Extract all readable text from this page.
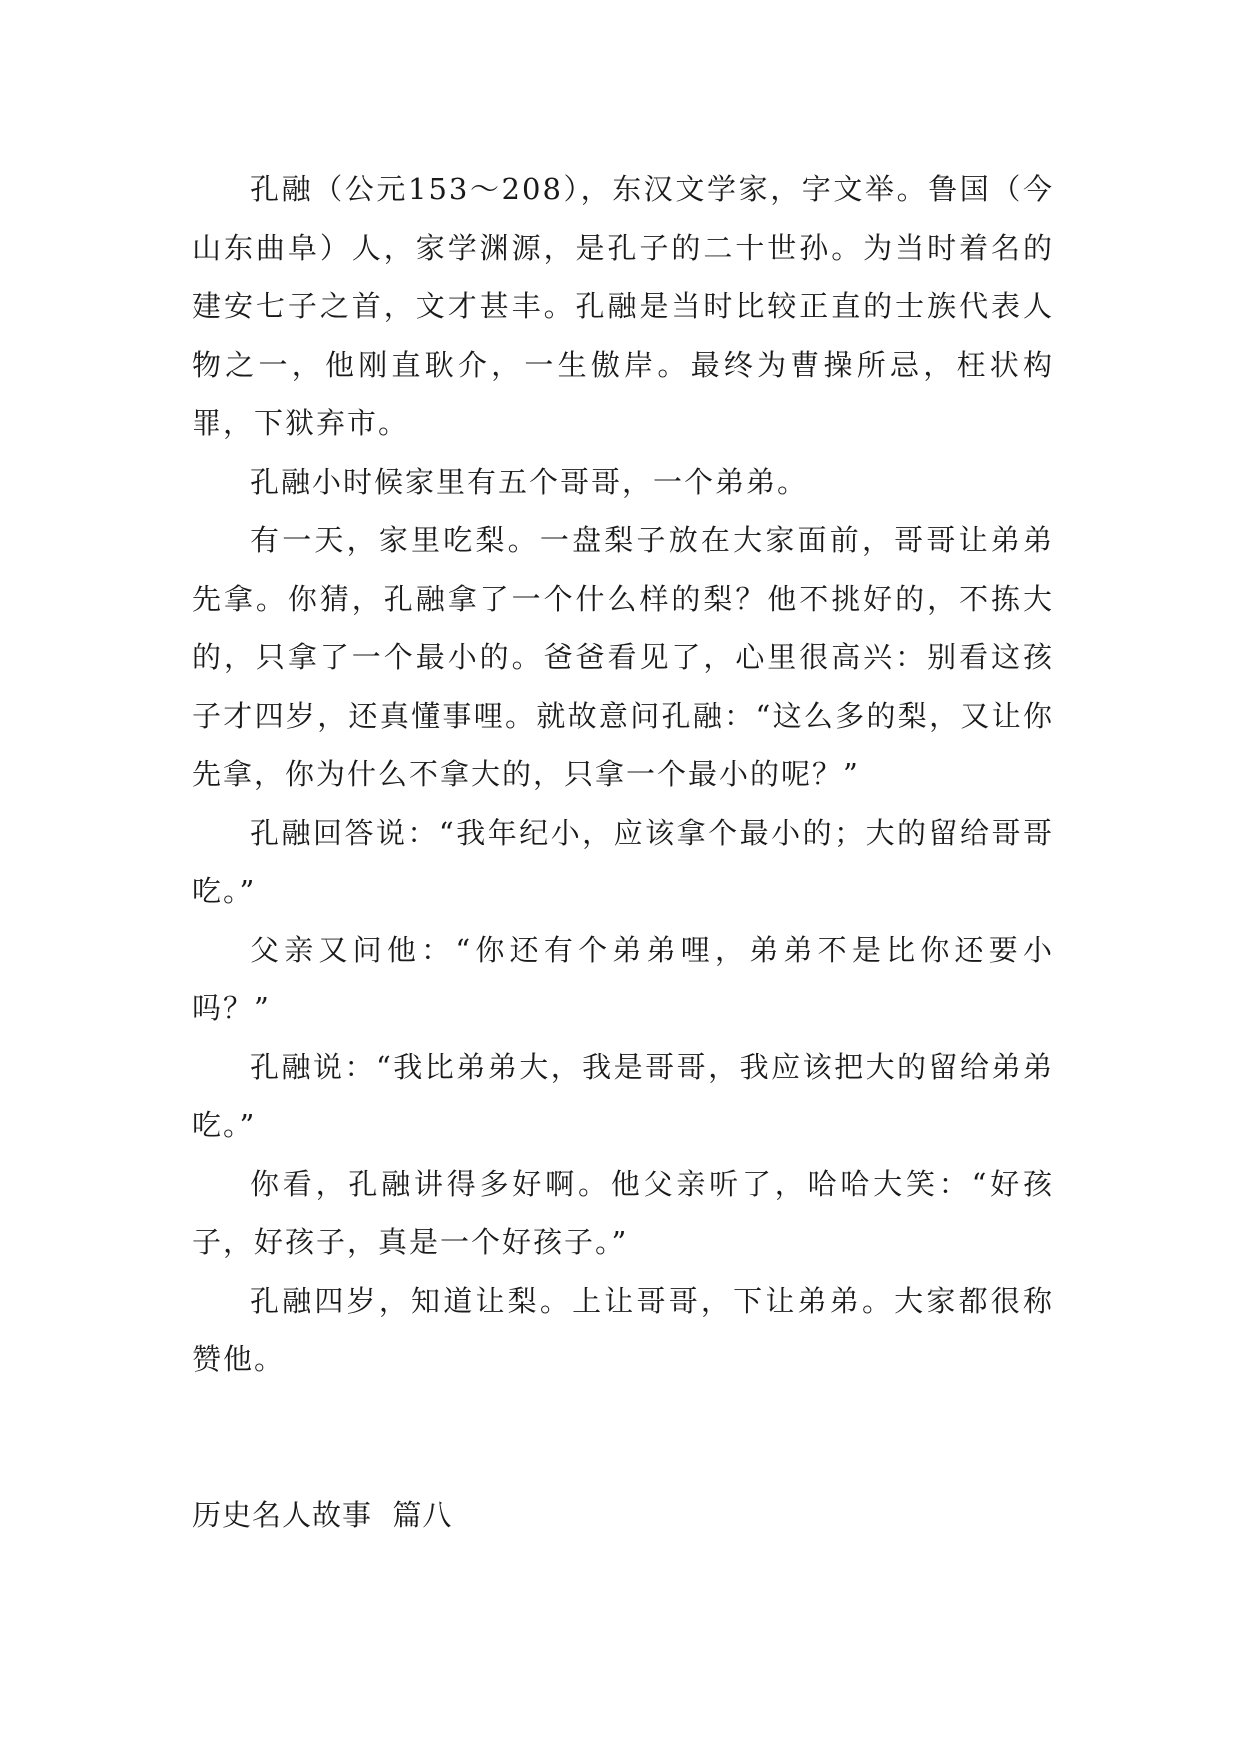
孔融（公元153～208），东汉文学家，字文举。鲁国（今山东曲阜）人，家学渊源，是孔子的二十世孙。为当时着名的建安七子之首，文才甚丰。孔融是当时比较正直的士族代表人物之一，他刚直耿介，一生傲岸。最终为曹操所忌，枉状构罪，下狱弃市。

孔融小时候家里有五个哥哥，一个弟弟。

有一天，家里吃梨。一盘梨子放在大家面前，哥哥让弟弟先拿。你猜，孔融拿了一个什么样的梨？他不挑好的，不拣大的，只拿了一个最小的。爸爸看见了，心里很高兴：别看这孩子才四岁，还真懂事哩。就故意问孔融：“这么多的梨，又让你先拿，你为什么不拿大的，只拿一个最小的呢？”

孔融回答说：“我年纪小，应该拿个最小的；大的留给哥哥吃。”

父亲又问他：“你还有个弟弟哩，弟弟不是比你还要小吗？”

孔融说：“我比弟弟大，我是哥哥，我应该把大的留给弟弟吃。”

你看，孔融讲得多好啊。他父亲听了，哈哈大笑：“好孩子，好孩子，真是一个好孩子。”

孔融四岁，知道让梨。上让哥哥，下让弟弟。大家都很称赞他。

历史名人故事  篇八
